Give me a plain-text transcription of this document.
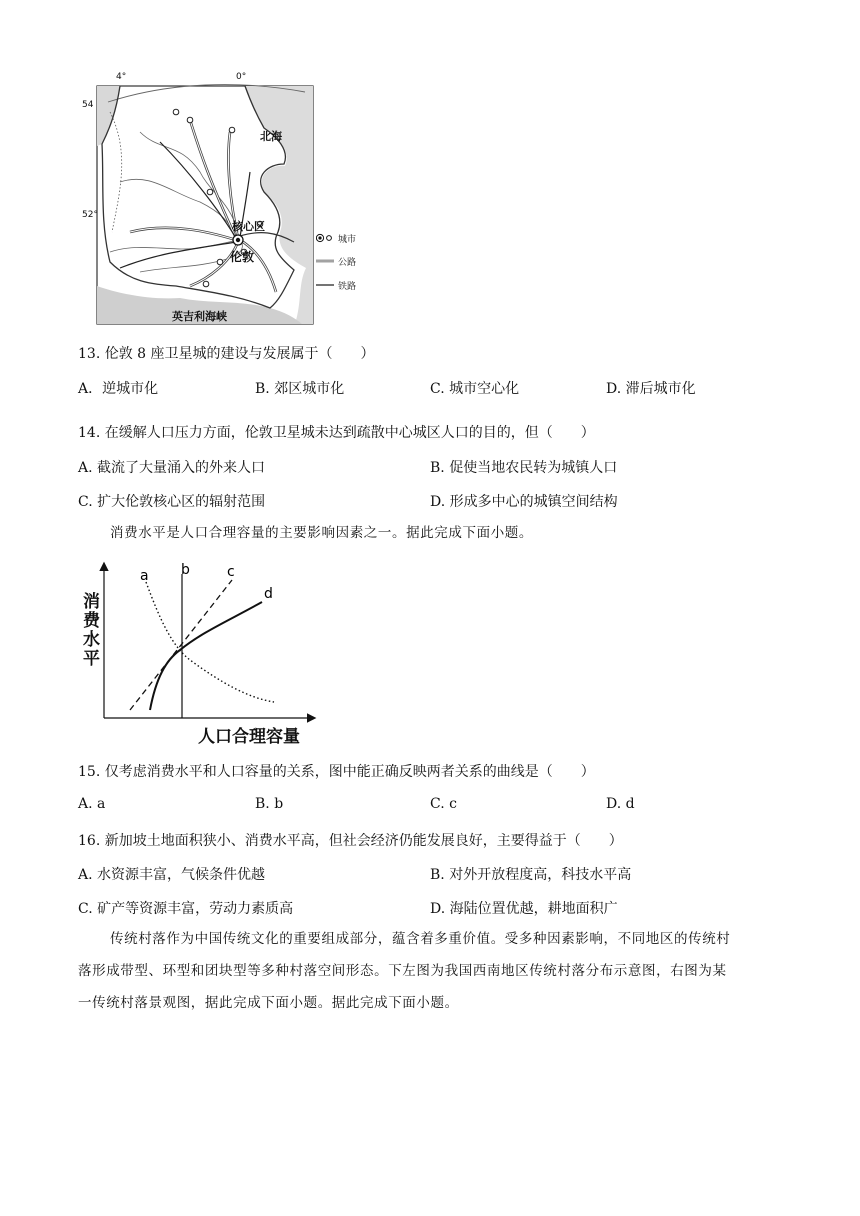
4°	0°
54
52°
北海
核心区
伦敦
英吉利海峡
城市
公路
铁路
13. 伦敦 8 座卫星城的建设与发展属于（　　）
A．逆城市化	B. 郊区城市化	C. 城市空心化	D. 滞后城市化
14. 在缓解人口压力方面，伦敦卫星城未达到疏散中心城区人口的目的，但（　　）
A. 截流了大量涌入的外来人口	B. 促使当地农民转为城镇人口
C. 扩大伦敦核心区的辐射范围	D. 形成多中心的城镇空间结构
消费水平是人口合理容量的主要影响因素之一。据此完成下面小题。
a b	c
d
消费水平
人口合理容量
15. 仅考虑消费水平和人口容量的关系，图中能正确反映两者关系的曲线是（　　）
A. a	B. b	C. c	D. d
16. 新加坡土地面积狭小、消费水平高，但社会经济仍能发展良好，主要得益于（　　）
A. 水资源丰富，气候条件优越	B. 对外开放程度高，科技水平高
C. 矿产等资源丰富，劳动力素质高	D. 海陆位置优越，耕地面积广
传统村落作为中国传统文化的重要组成部分，蕴含着多重价值。受多种因素影响，不同地区的传统村
落形成带型、环型和团块型等多种村落空间形态。下左图为我国西南地区传统村落分布示意图，右图为某
一传统村落景观图，据此完成下面小题。据此完成下面小题。
